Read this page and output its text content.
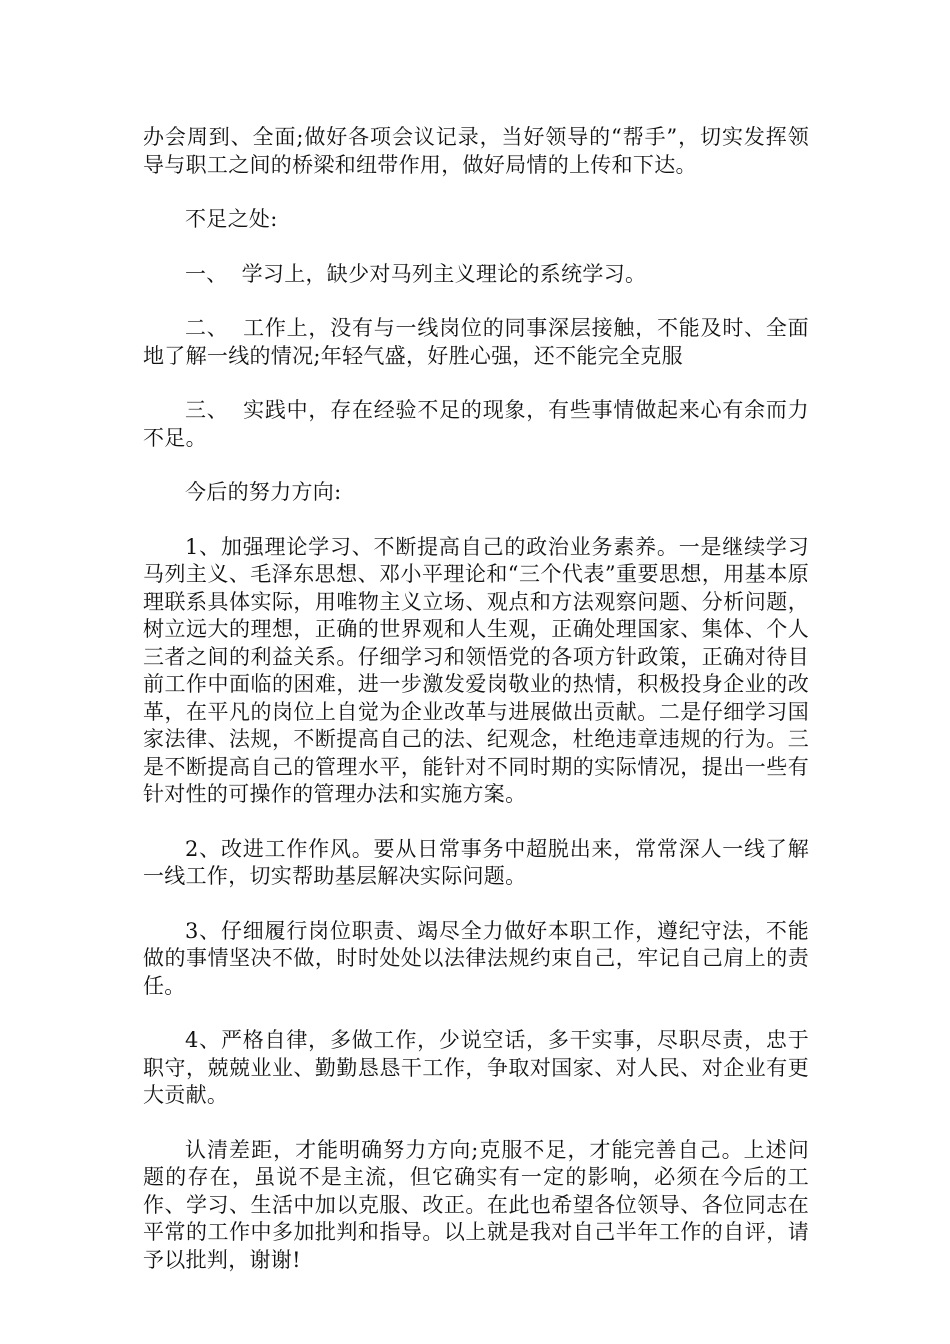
办会周到、全面;做好各项会议记录，当好领导的“帮手”，切实发挥领导与职工之间的桥梁和纽带作用，做好局情的上传和下达。

不足之处:

一、 学习上，缺少对马列主义理论的系统学习。

二、 工作上，没有与一线岗位的同事深层接触，不能及时、全面地了解一线的情况;年轻气盛，好胜心强，还不能完全克服

三、 实践中，存在经验不足的现象，有些事情做起来心有余而力不足。

今后的努力方向:

1、加强理论学习、不断提高自己的政治业务素养。一是继续学习马列主义、毛泽东思想、邓小平理论和“三个代表”重要思想，用基本原理联系具体实际，用唯物主义立场、观点和方法观察问题、分析问题，树立远大的理想，正确的世界观和人生观，正确处理国家、集体、个人三者之间的利益关系。仔细学习和领悟党的各项方针政策，正确对待目前工作中面临的困难，进一步激发爱岗敬业的热情，积极投身企业的改革，在平凡的岗位上自觉为企业改革与进展做出贡献。二是仔细学习国家法律、法规，不断提高自己的法、纪观念，杜绝违章违规的行为。三是不断提高自己的管理水平，能针对不同时期的实际情况，提出一些有针对性的可操作的管理办法和实施方案。

2、改进工作作风。要从日常事务中超脱出来，常常深人一线了解一线工作，切实帮助基层解决实际问题。

3、仔细履行岗位职责、竭尽全力做好本职工作，遵纪守法，不能做的事情坚决不做，时时处处以法律法规约束自己，牢记自己肩上的责任。

4、严格自律，多做工作，少说空话，多干实事，尽职尽责，忠于职守，兢兢业业、勤勤恳恳干工作，争取对国家、对人民、对企业有更大贡献。

认清差距，才能明确努力方向;克服不足，才能完善自己。上述问题的存在，虽说不是主流，但它确实有一定的影响，必须在今后的工作、学习、生活中加以克服、改正。在此也希望各位领导、各位同志在平常的工作中多加批判和指导。以上就是我对自己半年工作的自评，请予以批判，谢谢!
